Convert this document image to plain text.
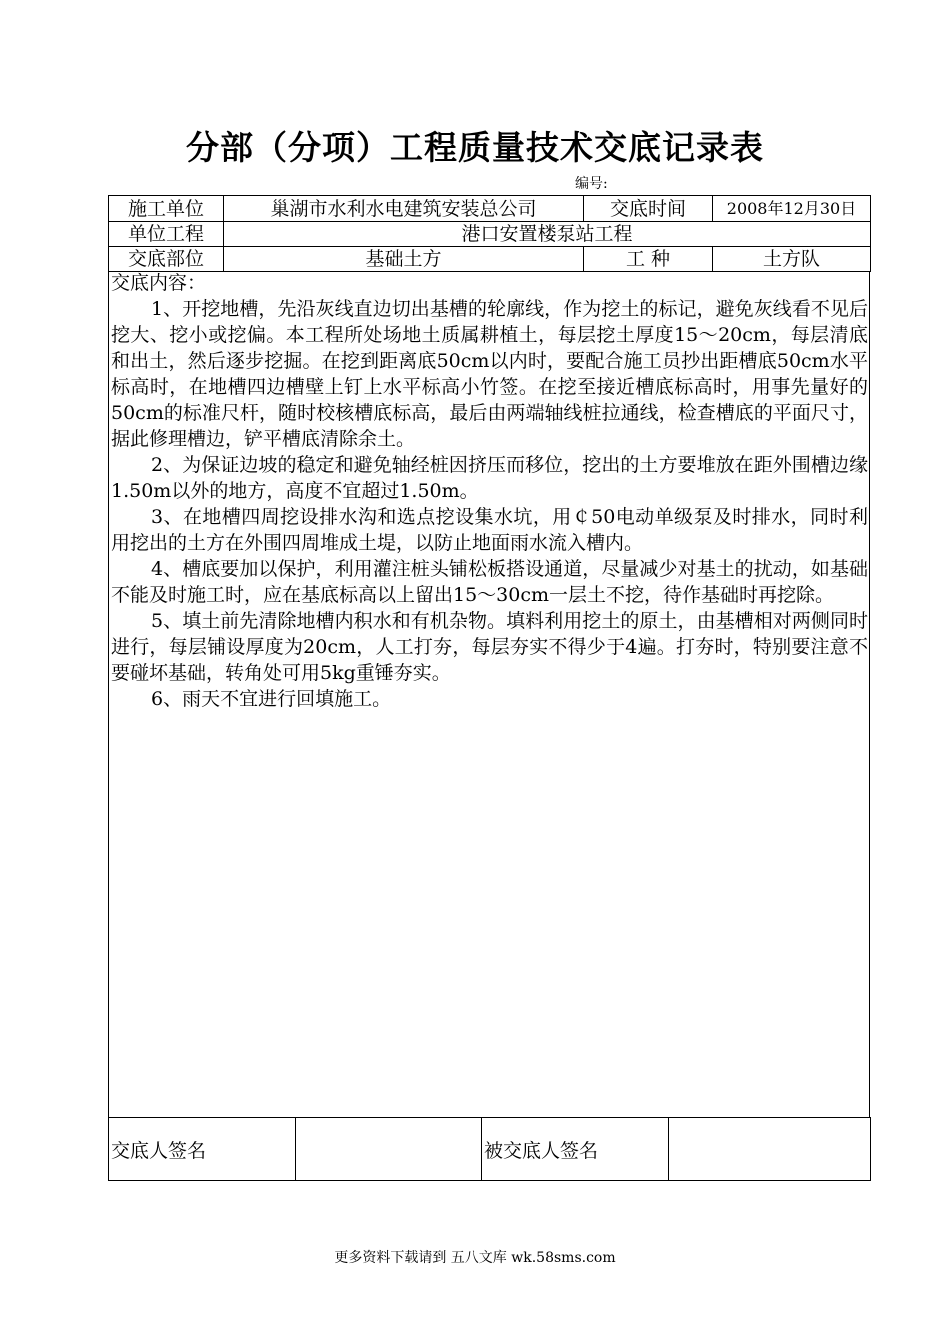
分部（分项）工程质量技术交底记录表
编号:
施工单位	巢湖市水利水电建筑安装总公司	交底时间	2008年12月30日
单位工程	港口安置楼泵站工程		
交底部位	基础土方	工 种	土方队
交底内容：

1、开挖地槽，先沿灰线直边切出基槽的轮廓线，作为挖土的标记，避免灰线看不见后挖大、挖小或挖偏。本工程所处场地土质属耕植土，每层挖土厚度15～20cm，每层清底和出土，然后逐步挖掘。在挖到距离底50cm以内时，要配合施工员抄出距槽底50cm水平标高时，在地槽四边槽壁上钉上水平标高小竹签。在挖至接近槽底标高时，用事先量好的50cm的标准尺杆，随时校核槽底标高，最后由两端轴线桩拉通线，检查槽底的平面尺寸，据此修理槽边，铲平槽底清除余土。

2、为保证边坡的稳定和避免轴经桩因挤压而移位，挖出的土方要堆放在距外围槽边缘1.50m以外的地方，高度不宜超过1.50m。

3、在地槽四周挖设排水沟和选点挖设集水坑，用￠50电动单级泵及时排水，同时利用挖出的土方在外围四周堆成土堤，以防止地面雨水流入槽内。

4、槽底要加以保护，利用灌注桩头铺松板搭设通道，尽量减少对基土的扰动，如基础不能及时施工时，应在基底标高以上留出15～30cm一层土不挖，待作基础时再挖除。

5、填土前先清除地槽内积水和有机杂物。填料利用挖土的原土，由基槽相对两侧同时进行，每层铺设厚度为20cm，人工打夯，每层夯实不得少于4遍。打夯时，特别要注意不要碰坏基础，转角处可用5kg重锤夯实。

6、雨天不宜进行回填施工。

交底人签名		被交底人签名	
更多资料下载请到 五八文库 wk.58sms.com
